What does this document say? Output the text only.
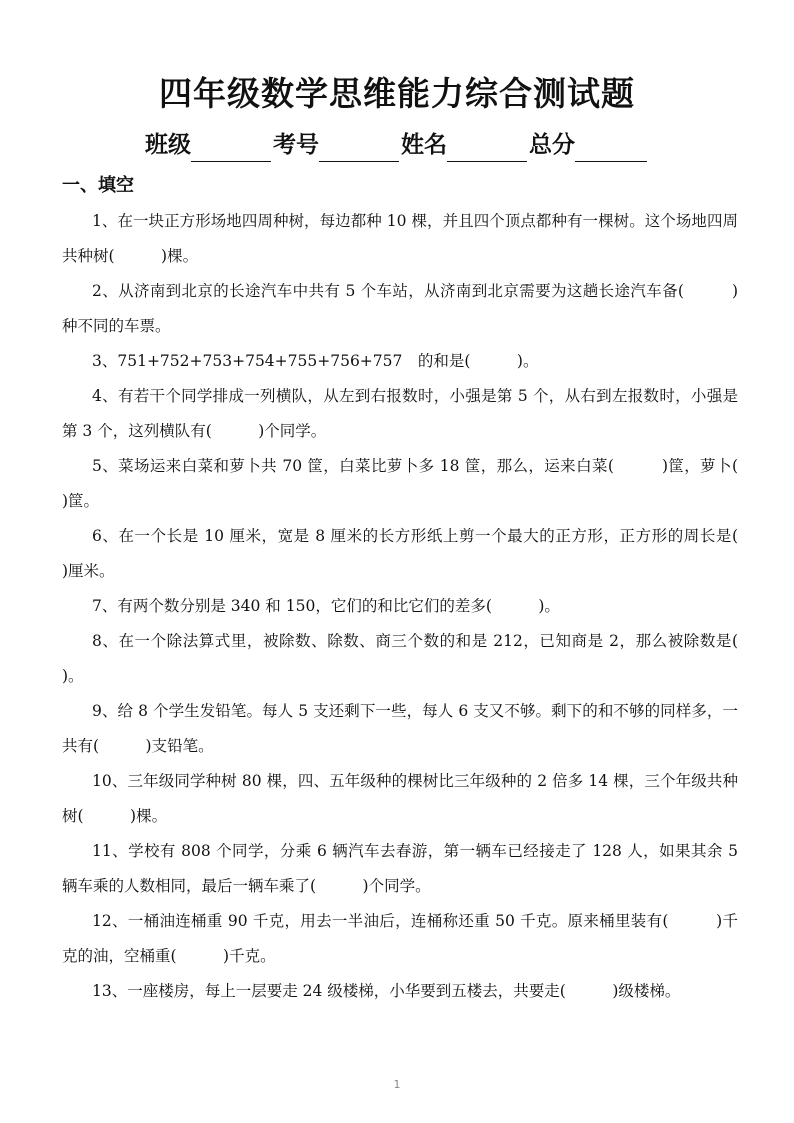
四年级数学思维能力综合测试题
班级	考号	姓名	总分
一、填空
1、在一块正方形场地四周种树，每边都种 10 棵，并且四个顶点都种有一棵树。这个场地四周共种树(　　　)棵。
2、从济南到北京的长途汽车中共有 5 个车站，从济南到北京需要为这趟长途汽车备(　　　)种不同的车票。
3、751+752+753+754+755+756+757　的和是(　　　)。
4、有若干个同学排成一列横队，从左到右报数时，小强是第 5 个，从右到左报数时，小强是第 3 个，这列横队有(　　　)个同学。
5、菜场运来白菜和萝卜共 70 筐，白菜比萝卜多 18 筐，那么，运来白菜(　　　)筐，萝卜(　　　)筐。
6、在一个长是 10 厘米，宽是 8 厘米的长方形纸上剪一个最大的正方形，正方形的周长是(　　　)厘米。
7、有两个数分别是 340 和 150，它们的和比它们的差多(　　　)。
8、在一个除法算式里，被除数、除数、商三个数的和是 212，已知商是 2，那么被除数是(　　　)。
9、给 8 个学生发铅笔。每人 5 支还剩下一些，每人 6 支又不够。剩下的和不够的同样多，一共有(　　　)支铅笔。
10、三年级同学种树 80 棵，四、五年级种的棵树比三年级种的 2 倍多 14 棵，三个年级共种树(　　　)棵。
11、学校有 808 个同学，分乘 6 辆汽车去春游，第一辆车已经接走了 128 人，如果其余 5 辆车乘的人数相同，最后一辆车乘了(　　　)个同学。
12、一桶油连桶重 90 千克，用去一半油后，连桶称还重 50 千克。原来桶里装有(　　　)千克的油，空桶重(　　　)千克。
13、一座楼房，每上一层要走 24 级楼梯，小华要到五楼去，共要走(　　　)级楼梯。
1
